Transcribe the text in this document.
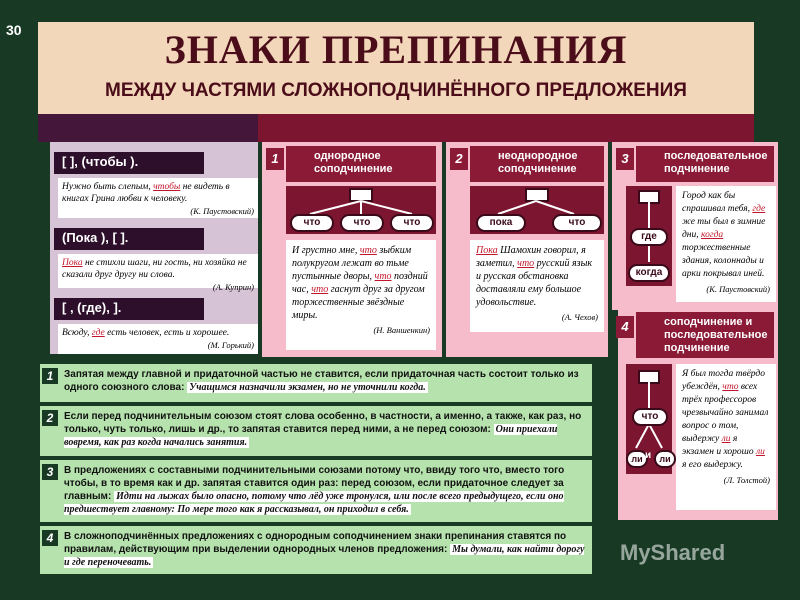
30	ЗНАКИ ПРЕПИНАНИЯ
МЕЖДУ ЧАСТЯМИ СЛОЖНОПОДЧИНЁННОГО ПРЕДЛОЖЕНИЯ
[ ], (чтобы ).
Нужно быть слепым, чтобы не видеть в книгах Грина любви к человеку.
(К. Паустовский)
(Пока ), [ ].
Пока не стихли шаги, ни гость, ни хозяйка не сказали друг другу ни слова.
(А. Куприн)
[ , (где), ].
Всюду, где есть человек, есть и хорошее.
(М. Горький)
1	однородное соподчинение
что	что	что
И грустно мне, что зыбким полукругом лежат во тьме пустынные дворы, что поздний час, что гаснут друг за другом торжественные звёздные миры.
(Н. Ваншенкин)
2	неоднородное соподчинение
пока	что
Пока Шамохин говорил, я заметил, что русский язык и русская обстановка доставляли ему большое удовольствие.
(А. Чехов)
3	последовательное подчинение
где
когда
Город как бы спрашивал тебя, где же ты был в зимние дни, когда торжественные здания, колоннады и арки покрывал иней.
(К. Паустовский)
4	соподчинение и последовательное подчинение
что
ли и ли
Я был тогда твёрдо убеждён, что всех трёх профессоров чрезвычайно занимал вопрос о том, выдержу ли я экзамен и хорошо ли я его выдержу.
(Л. Толстой)
Запятая между главной и придаточной частью не ставится, если придаточная часть состоит только из одного союзного слова: Учащимся назначили экзамен, но не уточнили когда.
1
Если перед подчинительным союзом стоят слова особенно, в частности, а именно, а также, как раз, но только, чуть только, лишь и др., то запятая ставится перед ними, а не перед союзом: Они приехали вовремя, как раз когда начались занятия.
2
В предложениях с составными подчинительными союзами потому что, ввиду того что, вместо того чтобы, в то время как и др. запятая ставится один раз: перед союзом, если придаточное следует за главным: Идти на лыжах было опасно, потому что лёд уже тронулся, или после всего предыдущего, если оно предшествует главному: По мере того как я рассказывал, он приходил в себя.
3
В сложноподчинённых предложениях с однородным соподчинением знаки препинания ставятся по правилам, действующим при выделении однородных членов предложения: Мы думали, как найти дорогу и где переночевать.
4
MyShared
